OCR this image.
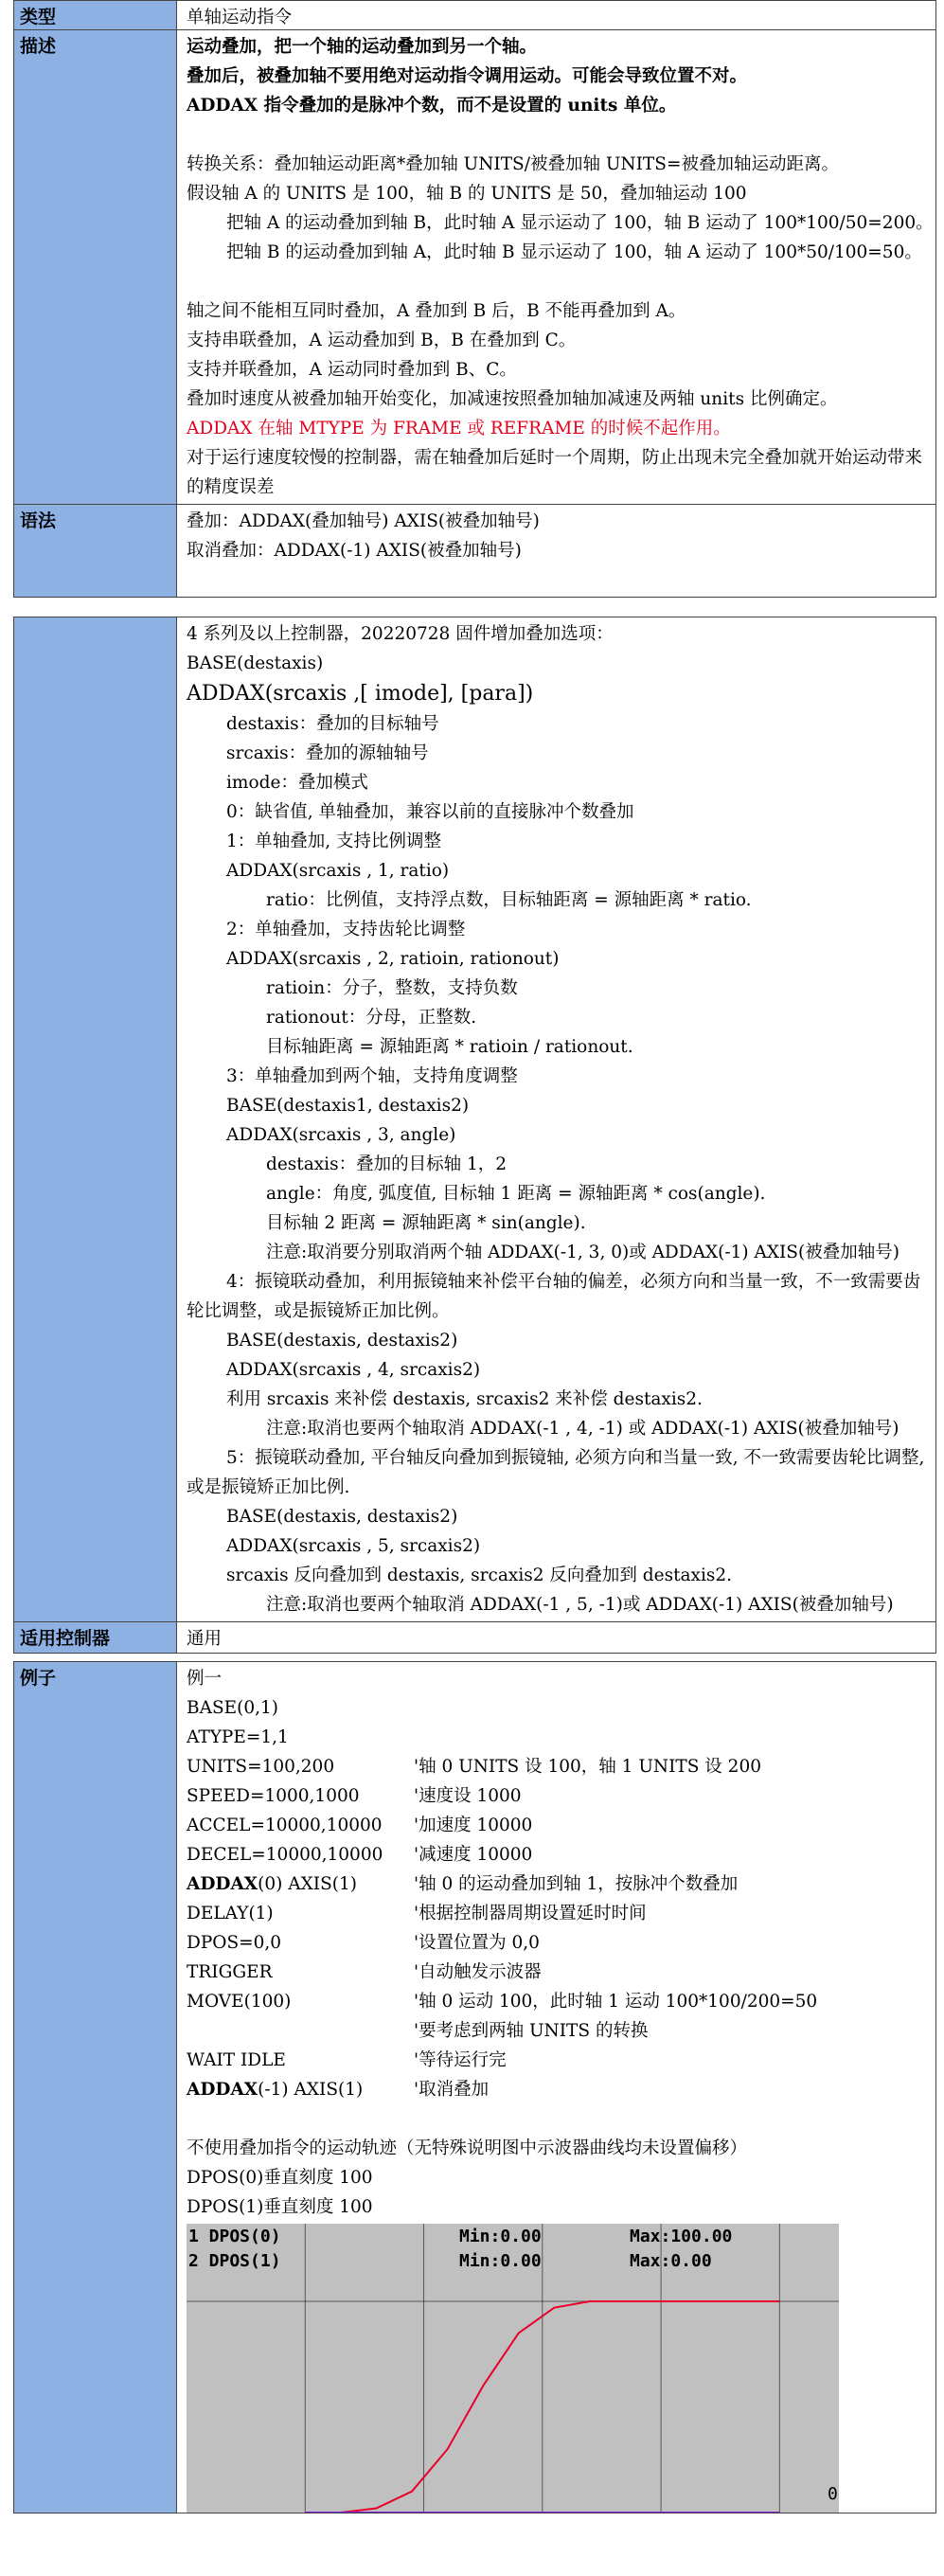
类型	单轴运动指令
描述	运动叠加，把一个轴的运动叠加到另一个轴。
叠加后，被叠加轴不要用绝对运动指令调用运动。可能会导致位置不对。
ADDAX 指令叠加的是脉冲个数，而不是设置的 units 单位。
转换关系：叠加轴运动距离*叠加轴 UNITS/被叠加轴 UNITS=被叠加轴运动距离。
假设轴 A 的 UNITS 是 100，轴 B 的 UNITS 是 50，叠加轴运动 100
把轴 A 的运动叠加到轴 B，此时轴 A 显示运动了 100，轴 B 运动了 100*100/50=200。
把轴 B 的运动叠加到轴 A，此时轴 B 显示运动了 100，轴 A 运动了 100*50/100=50。
轴之间不能相互同时叠加，A 叠加到 B 后，B 不能再叠加到 A。
支持串联叠加，A 运动叠加到 B，B 在叠加到 C。
支持并联叠加，A 运动同时叠加到 B、C。
叠加时速度从被叠加轴开始变化，加减速按照叠加轴加减速及两轴 units 比例确定。
ADDAX 在轴 MTYPE 为 FRAME 或 REFRAME 的时候不起作用。
对于运行速度较慢的控制器，需在轴叠加后延时一个周期，防止出现未完全叠加就开始运动带来的精度误差
语法	叠加：ADDAX(叠加轴号) AXIS(被叠加轴号)
取消叠加：ADDAX(-1) AXIS(被叠加轴号)
4 系列及以上控制器，20220728 固件增加叠加选项：
BASE(destaxis)
ADDAX(srcaxis ,[ imode], [para])
destaxis：叠加的目标轴号
srcaxis：叠加的源轴轴号
imode：叠加模式
0：缺省值, 单轴叠加，兼容以前的直接脉冲个数叠加
1：单轴叠加, 支持比例调整
ADDAX(srcaxis , 1, ratio)
ratio：比例值，支持浮点数，目标轴距离 = 源轴距离 * ratio.
2：单轴叠加，支持齿轮比调整
ADDAX(srcaxis , 2, ratioin, rationout)
ratioin：分子，整数，支持负数
rationout：分母，正整数.
目标轴距离 = 源轴距离 * ratioin / rationout.
3：单轴叠加到两个轴，支持角度调整
BASE(destaxis1, destaxis2)
ADDAX(srcaxis , 3, angle)
destaxis：叠加的目标轴 1，2
angle：角度, 弧度值, 目标轴 1 距离 = 源轴距离 * cos(angle).
目标轴 2 距离 = 源轴距离 * sin(angle).
注意:取消要分别取消两个轴 ADDAX(-1, 3, 0)或 ADDAX(-1) AXIS(被叠加轴号)
4：振镜联动叠加，利用振镜轴来补偿平台轴的偏差，必须方向和当量一致，不一致需要齿轮比调整，或是振镜矫正加比例。
BASE(destaxis, destaxis2)
ADDAX(srcaxis , 4, srcaxis2)
利用 srcaxis 来补偿 destaxis, srcaxis2 来补偿 destaxis2.
注意:取消也要两个轴取消 ADDAX(-1 , 4, -1) 或 ADDAX(-1) AXIS(被叠加轴号)
5：振镜联动叠加, 平台轴反向叠加到振镜轴, 必须方向和当量一致, 不一致需要齿轮比调整, 或是振镜矫正加比例.
BASE(destaxis, destaxis2)
ADDAX(srcaxis , 5, srcaxis2)
srcaxis 反向叠加到 destaxis, srcaxis2 反向叠加到 destaxis2.
注意:取消也要两个轴取消 ADDAX(-1 , 5, -1)或 ADDAX(-1) AXIS(被叠加轴号)
适用控制器	通用
例子	例一
BASE(0,1)
ATYPE=1,1
UNITS=100,200	'轴 0 UNITS 设 100，轴 1 UNITS 设 200
SPEED=1000,1000	'速度设 1000
ACCEL=10000,10000 '加速度 10000
DECEL=10000,10000 '减速度 10000
ADDAX(0) AXIS(1)	'轴 0 的运动叠加到轴 1，按脉冲个数叠加
DELAY(1)	'根据控制器周期设置延时时间
DPOS=0,0	'设置位置为 0,0
TRIGGER	'自动触发示波器
MOVE(100)	'轴 0 运动 100，此时轴 1 运动 100*100/200=50
'要考虑到两轴 UNITS 的转换
WAIT IDLE	'等待运行完
ADDAX(-1) AXIS(1)	'取消叠加
不使用叠加指令的运动轨迹（无特殊说明图中示波器曲线均未设置偏移）
DPOS(0)垂直刻度 100
DPOS(1)垂直刻度 100
100	200	300	400
0
1 DPOS(0)	Min:0.00	Max:100.00
2 DPOS(1)	Min:0.00	Max:0.00
